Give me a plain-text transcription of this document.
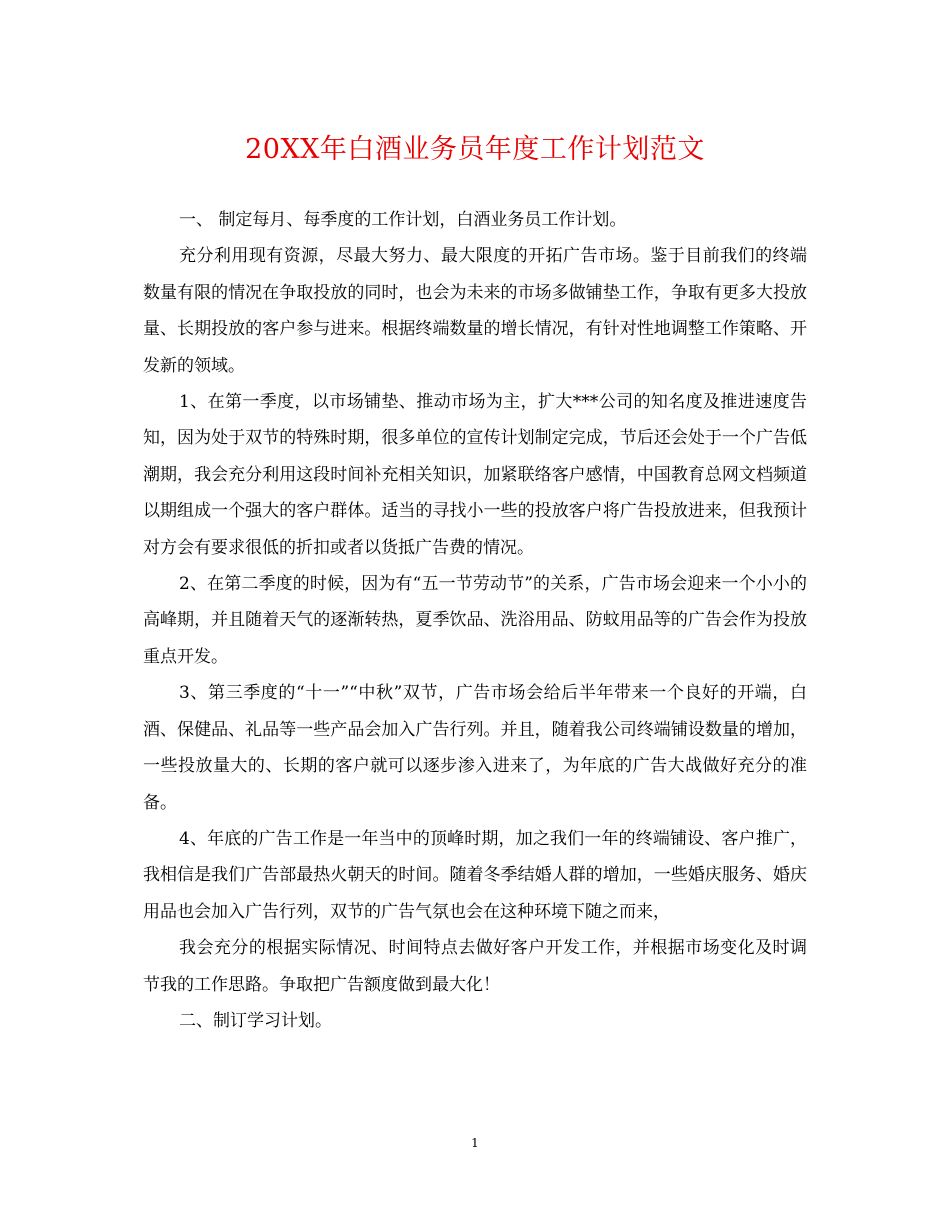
20XX年白酒业务员年度工作计划范文

一、 制定每月、每季度的工作计划，白酒业务员工作计划。

充分利用现有资源，尽最大努力、最大限度的开拓广告市场。鉴于目前我们的终端数量有限的情况在争取投放的同时，也会为未来的市场多做铺垫工作，争取有更多大投放量、长期投放的客户参与进来。根据终端数量的增长情况，有针对性地调整工作策略、开发新的领域。

1、在第一季度，以市场铺垫、推动市场为主，扩大***公司的知名度及推进速度告知，因为处于双节的特殊时期，很多单位的宣传计划制定完成，节后还会处于一个广告低潮期，我会充分利用这段时间补充相关知识，加紧联络客户感情，中国教育总网文档频道以期组成一个强大的客户群体。适当的寻找小一些的投放客户将广告投放进来，但我预计对方会有要求很低的折扣或者以货抵广告费的情况。

2、在第二季度的时候，因为有“五一节劳动节”的关系，广告市场会迎来一个小小的高峰期，并且随着天气的逐渐转热，夏季饮品、洗浴用品、防蚊用品等的广告会作为投放重点开发。

3、第三季度的“十一”“中秋”双节，广告市场会给后半年带来一个良好的开端，白酒、保健品、礼品等一些产品会加入广告行列。并且，随着我公司终端铺设数量的增加，一些投放量大的、长期的客户就可以逐步渗入进来了，为年底的广告大战做好充分的准备。

4、年底的广告工作是一年当中的顶峰时期，加之我们一年的终端铺设、客户推广，我相信是我们广告部最热火朝天的时间。随着冬季结婚人群的增加，一些婚庆服务、婚庆用品也会加入广告行列，双节的广告气氛也会在这种环境下随之而来，

我会充分的根据实际情况、时间特点去做好客户开发工作，并根据市场变化及时调节我的工作思路。争取把广告额度做到最大化！

二、制订学习计划。

1
